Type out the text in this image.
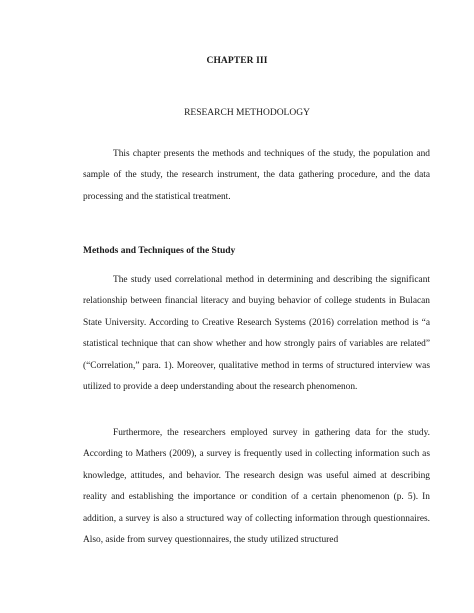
CHAPTER III
RESEARCH METHODOLOGY

This chapter presents the methods and techniques of the study, the population and sample of the study, the research instrument, the data gathering procedure, and the data processing and the statistical treatment.

Methods and Techniques of the Study

The study used correlational method in determining and describing the significant relationship between financial literacy and buying behavior of college students in Bulacan State University. According to Creative Research Systems (2016) correlation method is “a statistical technique that can show whether and how strongly pairs of variables are related” (“Correlation,” para. 1). Moreover, qualitative method in terms of structured interview was utilized to provide a deep understanding about the research phenomenon.

Furthermore, the researchers employed survey in gathering data for the study. According to Mathers (2009), a survey is frequently used in collecting information such as knowledge, attitudes, and behavior. The research design was useful aimed at describing reality and establishing the importance or condition of a certain phenomenon (p. 5). In addition, a survey is also a structured way of collecting information through questionnaires. Also, aside from survey questionnaires, the study utilized structured
